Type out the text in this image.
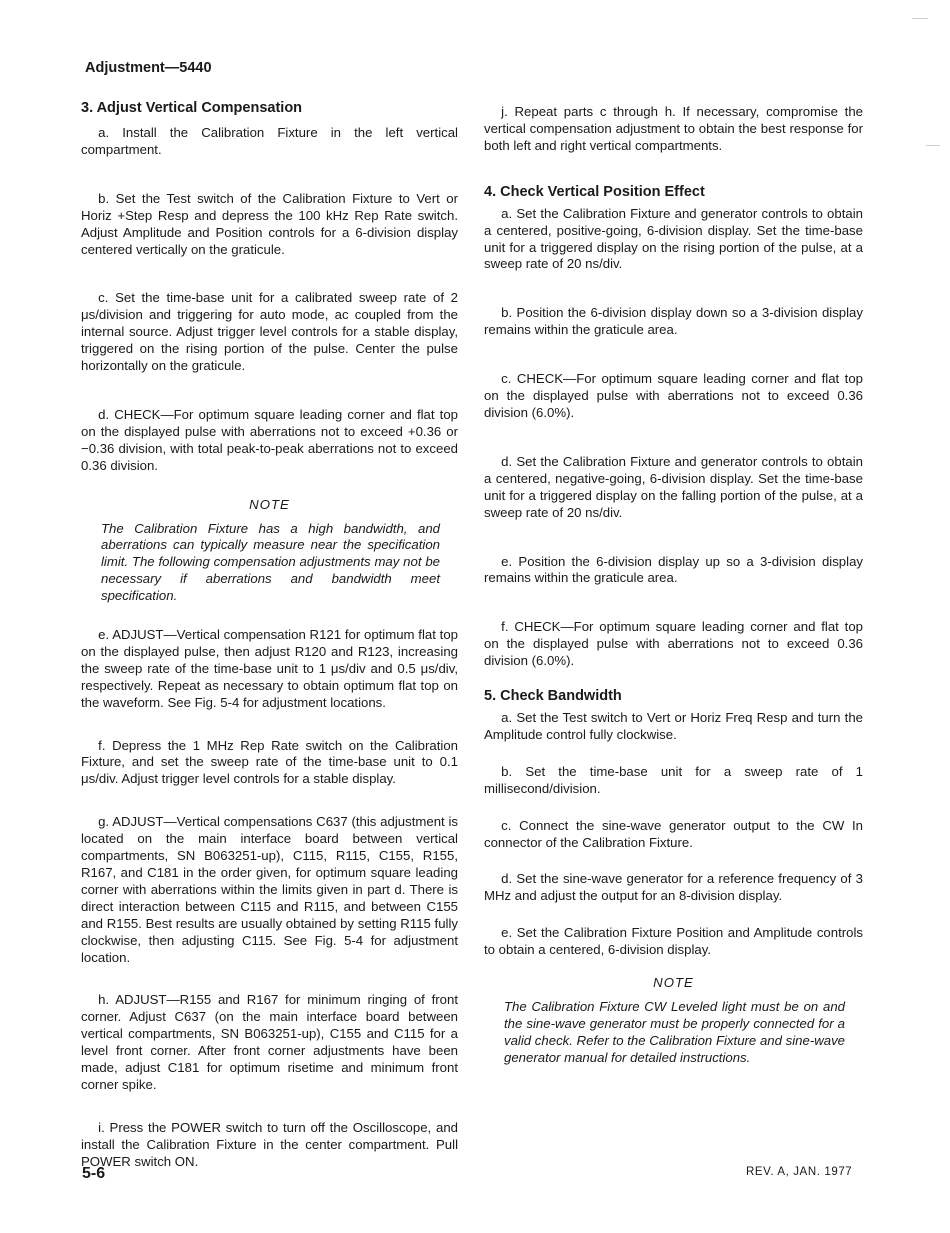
Adjustment—5440
3. Adjust Vertical Compensation

a. Install the Calibration Fixture in the left vertical compartment.

b. Set the Test switch of the Calibration Fixture to Vert or Horiz +Step Resp and depress the 100 kHz Rep Rate switch. Adjust Amplitude and Position controls for a 6-division display centered vertically on the graticule.

c. Set the time-base unit for a calibrated sweep rate of 2 μs/division and triggering for auto mode, ac coupled from the internal source. Adjust trigger level controls for a stable display, triggered on the rising portion of the pulse. Center the pulse horizontally on the graticule.

d. CHECK—For optimum square leading corner and flat top on the displayed pulse with aberrations not to exceed +0.36 or −0.36 division, with total peak-to-peak aberrations not to exceed 0.36 division.

NOTE
The Calibration Fixture has a high bandwidth, and aberrations can typically measure near the specification limit. The following compensation adjustments may not be necessary if aberrations and bandwidth meet specification.

e. ADJUST—Vertical compensation R121 for optimum flat top on the displayed pulse, then adjust R120 and R123, increasing the sweep rate of the time-base unit to 1 μs/div and 0.5 μs/div, respectively. Repeat as necessary to obtain optimum flat top on the waveform. See Fig. 5-4 for adjustment locations.

f. Depress the 1 MHz Rep Rate switch on the Calibration Fixture, and set the sweep rate of the time-base unit to 0.1 μs/div. Adjust trigger level controls for a stable display.

g. ADJUST—Vertical compensations C637 (this adjustment is located on the main interface board between vertical compartments, SN B063251-up), C115, R115, C155, R155, R167, and C181 in the order given, for optimum square leading corner with aberrations within the limits given in part d. There is direct interaction between C115 and R115, and between C155 and R155. Best results are usually obtained by setting R115 fully clockwise, then adjusting C115. See Fig. 5-4 for adjustment location.

h. ADJUST—R155 and R167 for minimum ringing of front corner. Adjust C637 (on the main interface board between vertical compartments, SN B063251-up), C155 and C115 for a level front corner. After front corner adjustments have been made, adjust C181 for optimum risetime and minimum front corner spike.

i. Press the POWER switch to turn off the Oscilloscope, and install the Calibration Fixture in the center compartment. Pull POWER switch ON.

j. Repeat parts c through h. If necessary, compromise the vertical compensation adjustment to obtain the best response for both left and right vertical compartments.

4. Check Vertical Position Effect

a. Set the Calibration Fixture and generator controls to obtain a centered, positive-going, 6-division display. Set the time-base unit for a triggered display on the rising portion of the pulse, at a sweep rate of 20 ns/div.

b. Position the 6-division display down so a 3-division display remains within the graticule area.

c. CHECK—For optimum square leading corner and flat top on the displayed pulse with aberrations not to exceed 0.36 division (6.0%).

d. Set the Calibration Fixture and generator controls to obtain a centered, negative-going, 6-division display. Set the time-base unit for a triggered display on the falling portion of the pulse, at a sweep rate of 20 ns/div.

e. Position the 6-division display up so a 3-division display remains within the graticule area.

f. CHECK—For optimum square leading corner and flat top on the displayed pulse with aberrations not to exceed 0.36 division (6.0%).

5. Check Bandwidth

a. Set the Test switch to Vert or Horiz Freq Resp and turn the Amplitude control fully clockwise.

b. Set the time-base unit for a sweep rate of 1 millisecond/division.

c. Connect the sine-wave generator output to the CW In connector of the Calibration Fixture.

d. Set the sine-wave generator for a reference frequency of 3 MHz and adjust the output for an 8-division display.

e. Set the Calibration Fixture Position and Amplitude controls to obtain a centered, 6-division display.

NOTE
The Calibration Fixture CW Leveled light must be on and the sine-wave generator must be properly connected for a valid check. Refer to the Calibration Fixture and sine-wave generator manual for detailed instructions.
5-6	REV. A, JAN. 1977
